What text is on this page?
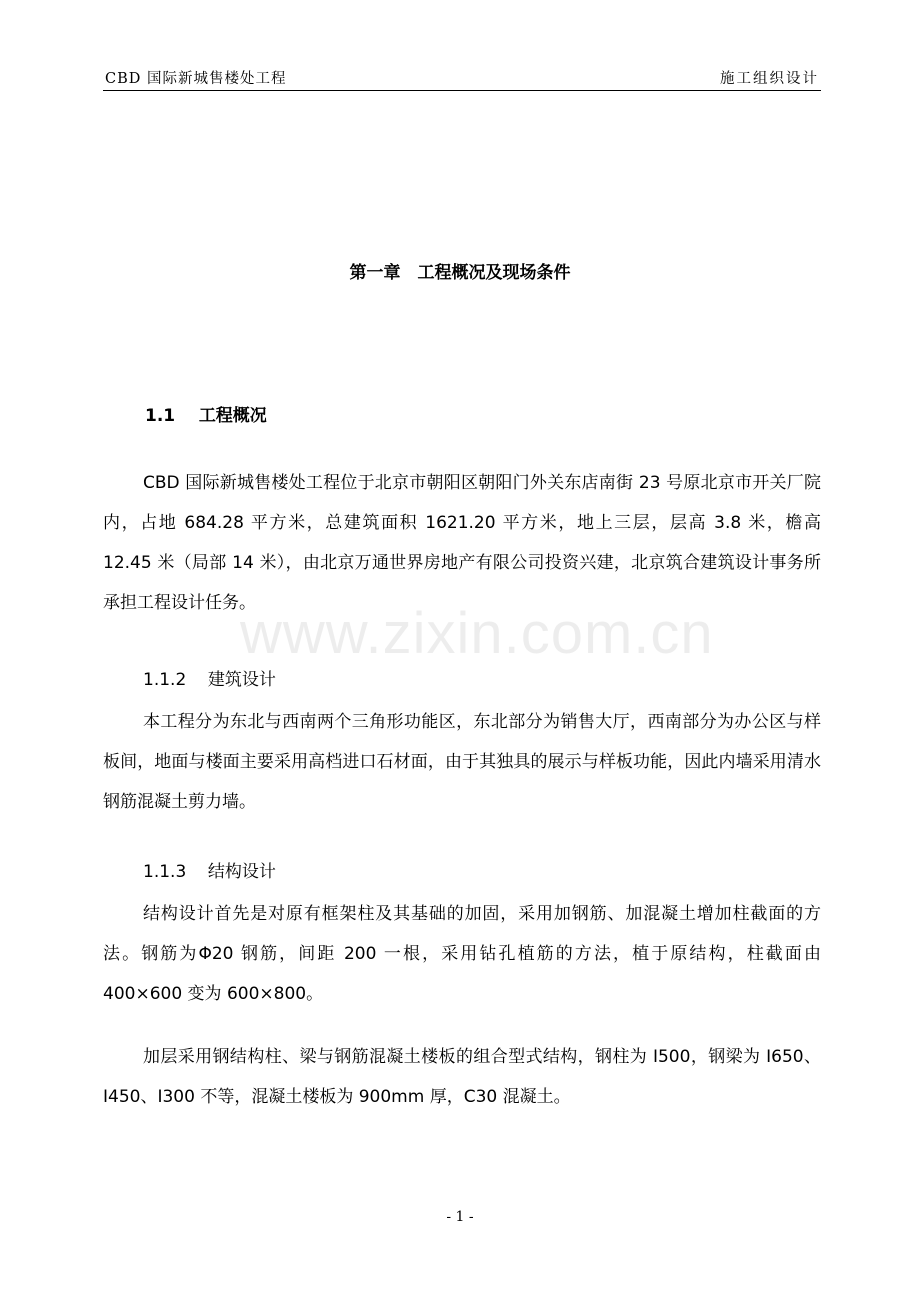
CBD 国际新城售楼处工程	施工组织设计
第一章　工程概况及现场条件
1.1 工程概况

CBD 国际新城售楼处工程位于北京市朝阳区朝阳门外关东店南街 23 号原北京市开关厂院内，占地 684.28 平方米，总建筑面积 1621.20 平方米，地上三层，层高 3.8 米，檐高 12.45 米（局部 14 米），由北京万通世界房地产有限公司投资兴建，北京筑合建筑设计事务所承担工程设计任务。

1.1.2 建筑设计

本工程分为东北与西南两个三角形功能区，东北部分为销售大厅，西南部分为办公区与样板间，地面与楼面主要采用高档进口石材面，由于其独具的展示与样板功能，因此内墙采用清水钢筋混凝土剪力墙。

1.1.3 结构设计

结构设计首先是对原有框架柱及其基础的加固，采用加钢筋、加混凝土增加柱截面的方法。钢筋为Φ20 钢筋，间距 200 一根，采用钻孔植筋的方法，植于原结构，柱截面由 400×600 变为 600×800。

加层采用钢结构柱、梁与钢筋混凝土楼板的组合型式结构，钢柱为 I500，钢梁为 I650、I450、I300 不等，混凝土楼板为 900mm 厚，C30 混凝土。

www.zixin.com.cn
- 1 -
